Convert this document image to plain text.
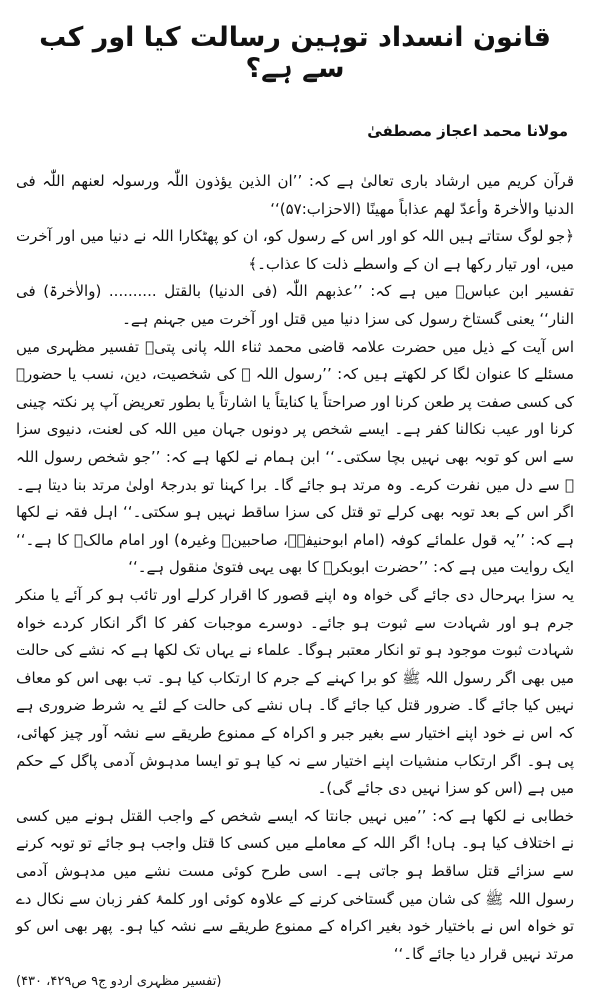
قانون انسداد توہین رسالت کیا اور کب سے ہے؟
مولانا محمد اعجاز مصطفیٰ

قرآن کریم میں ارشاد باری تعالیٰ ہے کہ: ’’ان الذین یؤذون اللّٰہ ورسولہ لعنھم اللّٰہ فی الدنیا والاٰخرۃ وأعدّ لھم عذاباً مھینًا (الاحزاب:۵۷)‘‘

﴿جو لوگ ستاتے ہیں اللہ کو اور اس کے رسول کو، ان کو پھٹکارا اللہ نے دنیا میں اور آخرت میں، اور تیار رکھا ہے ان کے واسطے ذلت کا عذاب۔﴾

تفسیر ابن عباسؓ میں ہے کہ: ’’عذبھم اللّٰہ (فی الدنیا) بالقتل .......... (والاٰخرۃ) فی النار‘‘ یعنی گستاخ رسول کی سزا دنیا میں قتل اور آخرت میں جہنم ہے۔

اس آیت کے ذیل میں حضرت علامہ قاضی محمد ثناء اللہ پانی پتیؒ تفسیر مظہری میں مسئلے کا عنوان لگا کر لکھتے ہیں کہ: ’’رسول اللہ ﷺ کی شخصیت، دین، نسب یا حضورؐ کی کسی صفت پر طعن کرنا اور صراحتاً یا کنایتاً یا اشارتاً یا بطور تعریض آپ پر نکتہ چینی کرنا اور عیب نکالنا کفر ہے۔ ایسے شخص پر دونوں جہان میں اللہ کی لعنت، دنیوی سزا سے اس کو توبہ بھی نہیں بچا سکتی۔‘‘ ابن ہمام نے لکھا ہے کہ: ’’جو شخص رسول اللہ ﷺ سے دل میں نفرت کرے۔ وہ مرتد ہو جائے گا۔ برا کہنا تو بدرجۂ اولیٰ مرتد بنا دیتا ہے۔ اگر اس کے بعد توبہ بھی کرلے تو قتل کی سزا ساقط نہیں ہو سکتی۔‘‘ اہل فقہ نے لکھا ہے کہ: ’’یہ قول علمائے کوفہ (امام ابوحنیفہؒ، صاحبینؒ وغیرہ) اور امام مالکؒ کا ہے۔‘‘ ایک روایت میں ہے کہ: ’’حضرت ابوبکرؓ کا بھی یہی فتویٰ منقول ہے۔‘‘

یہ سزا بہرحال دی جائے گی خواہ وہ اپنے قصور کا اقرار کرلے اور تائب ہو کر آئے یا منکر جرم ہو اور شہادت سے ثبوت ہو جائے۔ دوسرے موجبات کفر کا اگر انکار کردے خواہ شہادت ثبوت موجود ہو تو انکار معتبر ہوگا۔ علماء نے یہاں تک لکھا ہے کہ نشے کی حالت میں بھی اگر رسول اللہ ﷺ کو برا کہنے کے جرم کا ارتکاب کیا ہو۔ تب بھی اس کو معاف نہیں کیا جائے گا۔ ضرور قتل کیا جائے گا۔ ہاں نشے کی حالت کے لئے یہ شرط ضروری ہے کہ اس نے خود اپنے اختیار سے بغیر جبر و اکراہ کے ممنوع طریقے سے نشہ آور چیز کھائی، پی ہو۔ اگر ارتکاب منشیات اپنے اختیار سے نہ کیا ہو تو ایسا مدہوش آدمی پاگل کے حکم میں ہے (اس کو سزا نہیں دی جائے گی)۔

خطابی نے لکھا ہے کہ: ’’میں نہیں جانتا کہ ایسے شخص کے واجب القتل ہونے میں کسی نے اختلاف کیا ہو۔ ہاں! اگر اللہ کے معاملے میں کسی کا قتل واجب ہو جائے تو توبہ کرنے سے سزائے قتل ساقط ہو جاتی ہے۔ اسی طرح کوئی مست نشے میں مدہوش آدمی رسول اللہ ﷺ کی شان میں گستاخی کرنے کے علاوہ کوئی اور کلمۂ کفر زبان سے نکال دے تو خواہ اس نے باختیار خود بغیر اکراہ کے ممنوع طریقے سے نشہ کیا ہو۔ پھر بھی اس کو مرتد نہیں قرار دیا جائے گا۔‘‘

(تفسیر مظہری اردو ج۹ ص۴۲۹، ۴۳۰)
